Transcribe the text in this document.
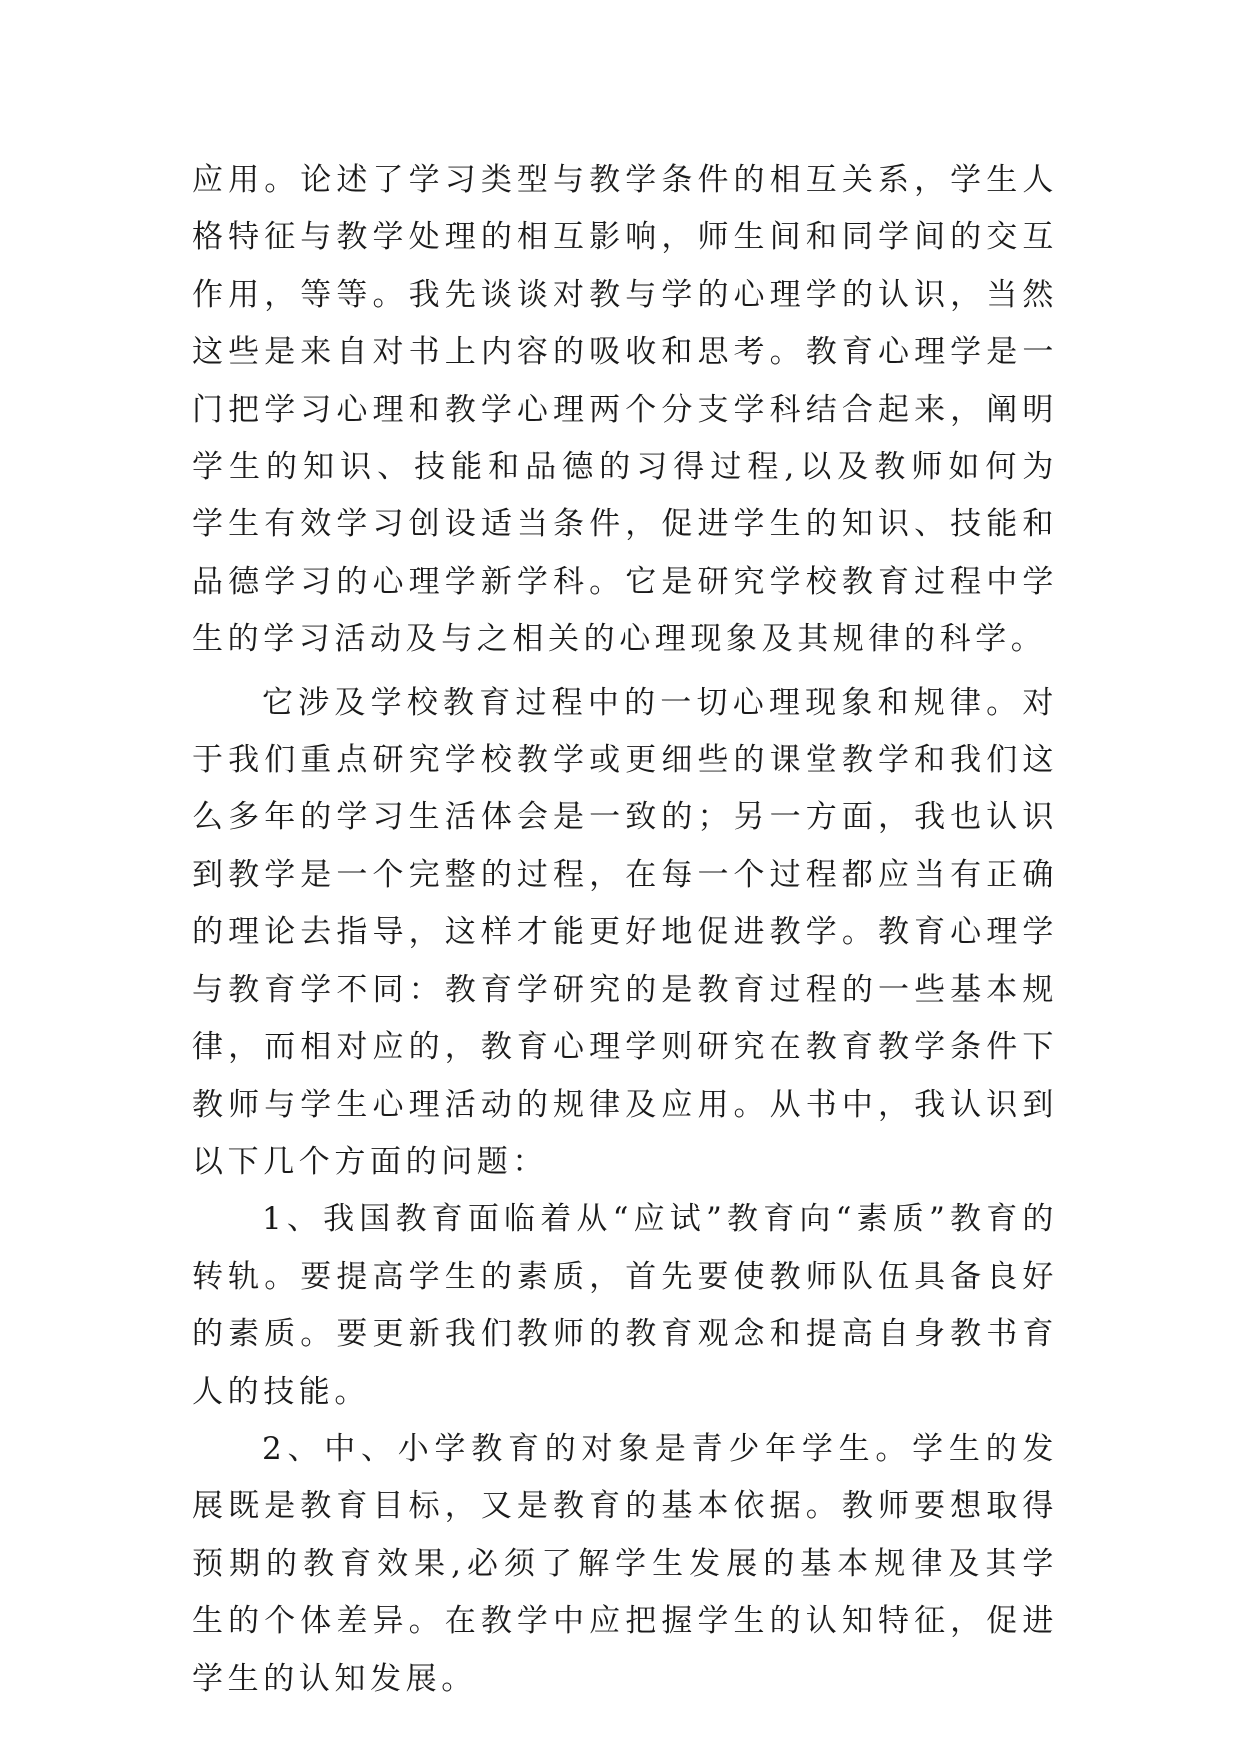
应用。论述了学习类型与教学条件的相互关系，学生人格特征与教学处理的相互影响，师生间和同学间的交互作用，等等。我先谈谈对教与学的心理学的认识，当然这些是来自对书上内容的吸收和思考。教育心理学是一门把学习心理和教学心理两个分支学科结合起来，阐明学生的知识、技能和品德的习得过程,以及教师如何为学生有效学习创设适当条件，促进学生的知识、技能和品德学习的心理学新学科。它是研究学校教育过程中学生的学习活动及与之相关的心理现象及其规律的科学。

它涉及学校教育过程中的一切心理现象和规律。对于我们重点研究学校教学或更细些的课堂教学和我们这么多年的学习生活体会是一致的；另一方面，我也认识到教学是一个完整的过程，在每一个过程都应当有正确的理论去指导，这样才能更好地促进教学。教育心理学与教育学不同：教育学研究的是教育过程的一些基本规律，而相对应的，教育心理学则研究在教育教学条件下教师与学生心理活动的规律及应用。从书中，我认识到以下几个方面的问题：

1、我国教育面临着从“应试”教育向“素质”教育的转轨。要提高学生的素质，首先要使教师队伍具备良好的素质。要更新我们教师的教育观念和提高自身教书育人的技能。

2、中、小学教育的对象是青少年学生。学生的发展既是教育目标，又是教育的基本依据。教师要想取得预期的教育效果,必须了解学生发展的基本规律及其学生的个体差异。在教学中应把握学生的认知特征，促进学生的认知发展。
